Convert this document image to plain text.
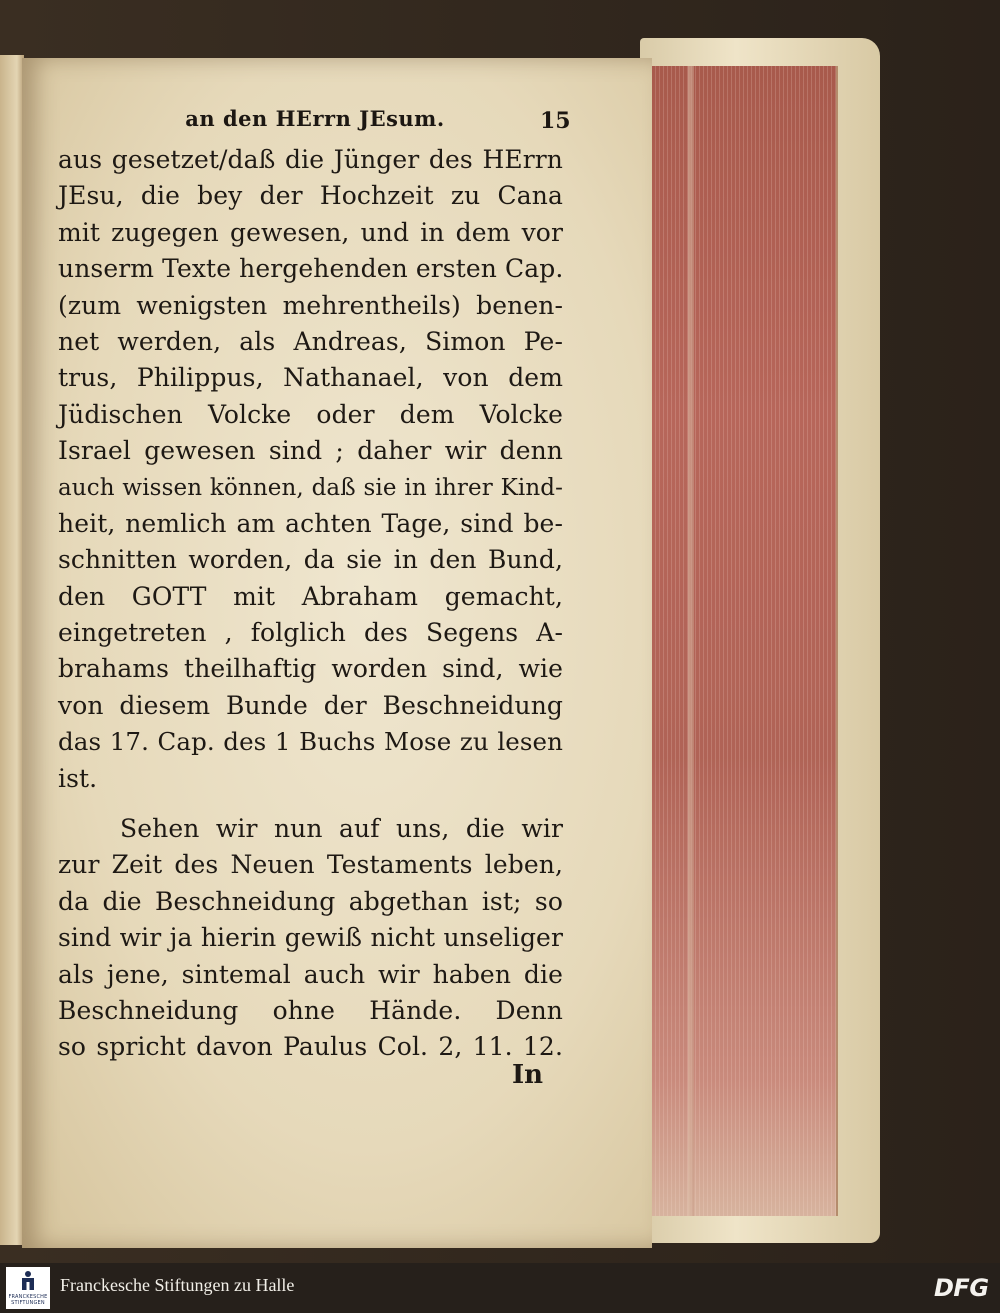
an den HErrn JEsum.	15
aus gesetzet/daß die Jünger des HErrn
JEsu, die bey der Hochzeit zu Cana
mit zugegen gewesen, und in dem vor
unserm Texte hergehenden ersten Cap.
(zum wenigsten mehrentheils) benen-
net werden, als Andreas, Simon Pe-
trus, Philippus, Nathanael, von dem
Jüdischen Volcke oder dem Volcke
Israel gewesen sind ; daher wir denn
auch wissen können, daß sie in ihrer Kind-
heit, nemlich am achten Tage, sind be-
schnitten worden, da sie in den Bund,
den GOTT mit Abraham gemacht,
eingetreten , folglich des Segens A-
brahams theilhaftig worden sind, wie
von diesem Bunde der Beschneidung
das 17. Cap. des 1 Buchs Mose zu lesen
ist.
Sehen wir nun auf uns, die wir
zur Zeit des Neuen Testaments leben,
da die Beschneidung abgethan ist; so
sind wir ja hierin gewiß nicht unseliger
als jene, sintemal auch wir haben die
Beschneidung ohne Hände. Denn
so spricht davon Paulus Col. 2, 11. 12.
In
FRANCKESCHE STIFTUNGEN
Franckesche Stiftungen zu Halle	DFG
